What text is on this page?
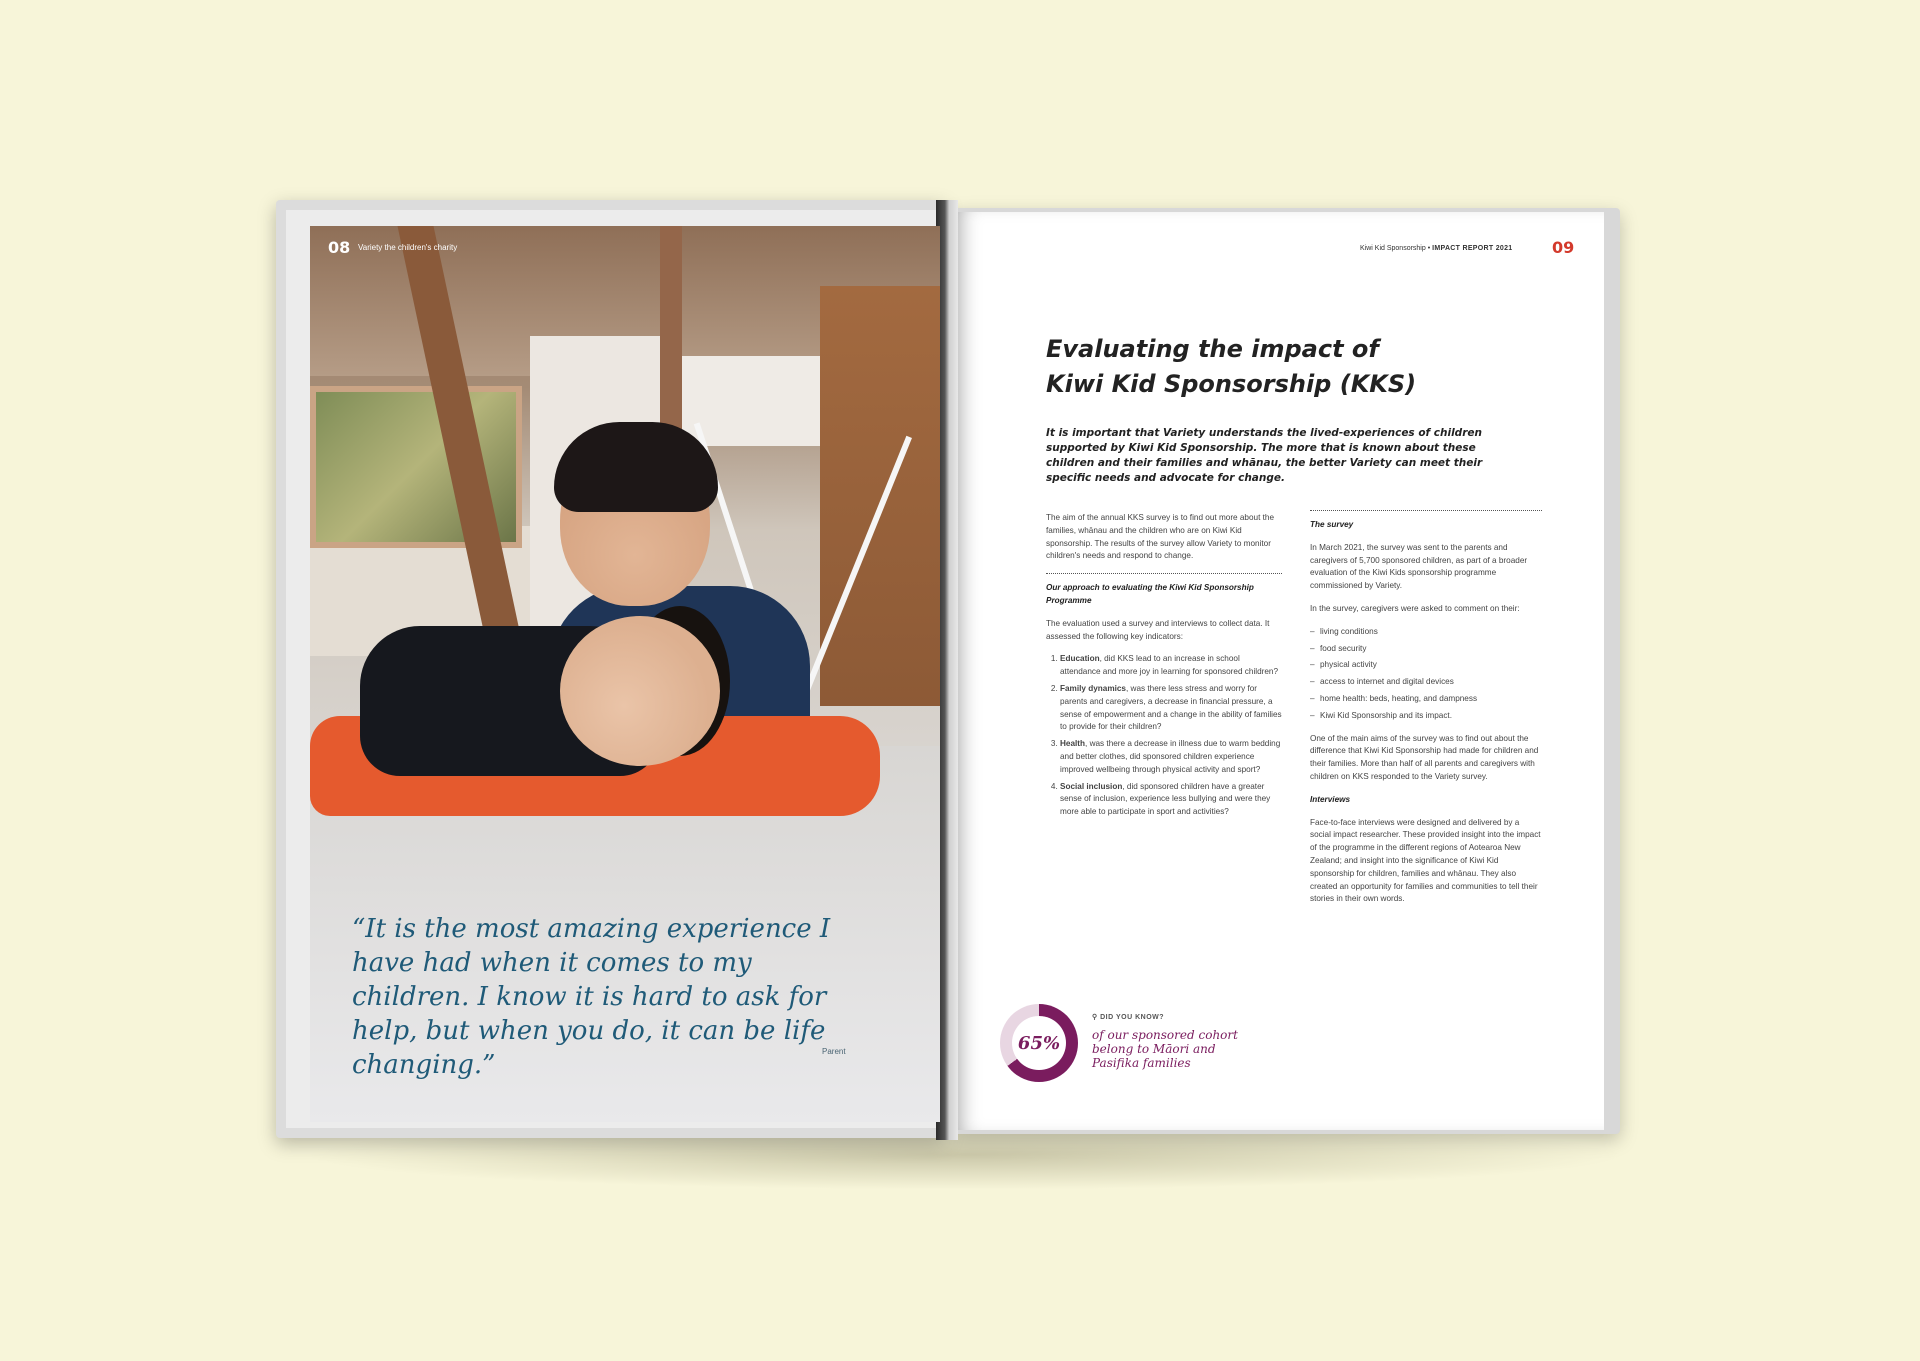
08 Variety the children's charity
“It is the most amazing experience I have had when it comes to my children. I know it is hard to ask for help, but when you do, it can be life changing.”	Parent
Kiwi Kid Sponsorship • IMPACT REPORT 2021 09
Evaluating the impact of
Kiwi Kid Sponsorship (KKS)
It is important that Variety understands the lived-experiences of children supported by Kiwi Kid Sponsorship. The more that is known about these children and their families and whānau, the better Variety can meet their specific needs and advocate for change.

The aim of the annual KKS survey is to find out more about the families, whānau and the children who are on Kiwi Kid sponsorship. The results of the survey allow Variety to monitor children's needs and respond to change.

Our approach to evaluating the Kiwi Kid Sponsorship Programme

The evaluation used a survey and interviews to collect data. It assessed the following key indicators:

1. Education, did KKS lead to an increase in school attendance and more joy in learning for sponsored children?
2. Family dynamics, was there less stress and worry for parents and caregivers, a decrease in financial pressure, a sense of empowerment and a change in the ability of families to provide for their children?
3. Health, was there a decrease in illness due to warm bedding and better clothes, did sponsored children experience improved wellbeing through physical activity and sport?
4. Social inclusion, did sponsored children have a greater sense of inclusion, experience less bullying and were they more able to participate in sport and activities?

The survey

In March 2021, the survey was sent to the parents and caregivers of 5,700 sponsored children, as part of a broader evaluation of the Kiwi Kids sponsorship programme commissioned by Variety.

In the survey, caregivers were asked to comment on their:

– living conditions
– food security
– physical activity
– access to internet and digital devices
– home health: beds, heating, and dampness
– Kiwi Kid Sponsorship and its impact.

One of the main aims of the survey was to find out about the difference that Kiwi Kid Sponsorship had made for children and their families. More than half of all parents and caregivers with children on KKS responded to the Variety survey.

Interviews

Face-to-face interviews were designed and delivered by a social impact researcher. These provided insight into the impact of the programme in the different regions of Aotearoa New Zealand; and insight into the significance of Kiwi Kid sponsorship for children, families and whānau. They also created an opportunity for families and communities to tell their stories in their own words.

65%
⚲ DID YOU KNOW?
of our sponsored cohort belong to Māori and Pasifika families
